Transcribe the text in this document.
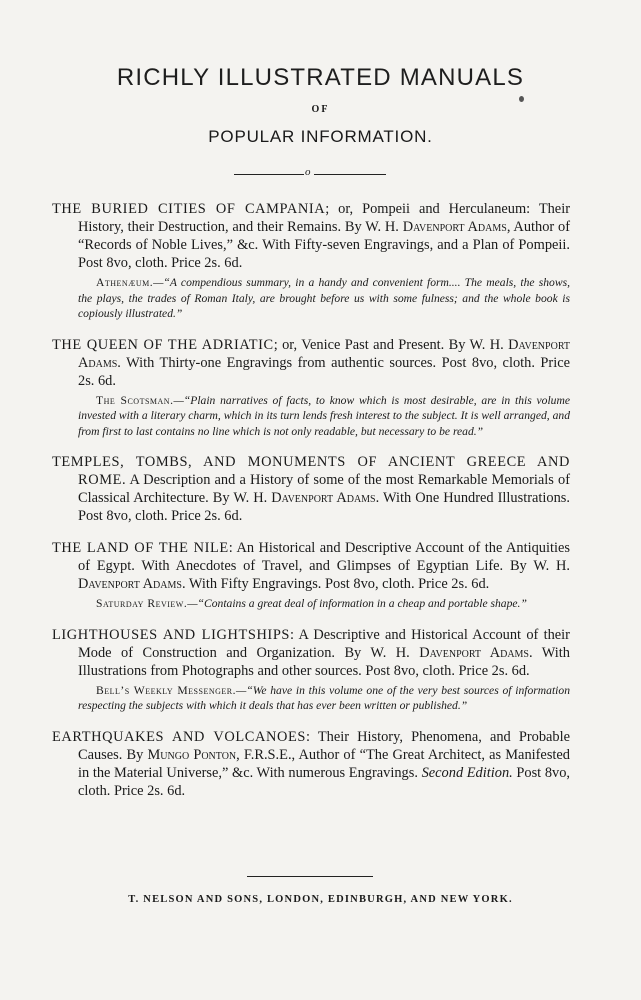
RICHLY ILLUSTRATED MANUALS
OF
POPULAR INFORMATION.
o
THE BURIED CITIES OF CAMPANIA; or, Pompeii and Herculaneum: Their History, their Destruction, and their Remains. By W. H. Davenport Adams, Author of “Records of Noble Lives,” &c. With Fifty-seven Engravings, and a Plan of Pompeii. Post 8vo, cloth. Price 2s. 6d.
Athenæum.—“A compendious summary, in a handy and convenient form.... The meals, the shows, the plays, the trades of Roman Italy, are brought before us with some fulness; and the whole book is copiously illustrated.”
THE QUEEN OF THE ADRIATIC; or, Venice Past and Present. By W. H. Davenport Adams. With Thirty-one Engravings from authentic sources. Post 8vo, cloth. Price 2s. 6d.
The Scotsman.—“Plain narratives of facts, to know which is most desirable, are in this volume invested with a literary charm, which in its turn lends fresh interest to the subject. It is well arranged, and from first to last contains no line which is not only readable, but necessary to be read.”
TEMPLES, TOMBS, AND MONUMENTS OF ANCIENT GREECE AND ROME. A Description and a History of some of the most Remarkable Memorials of Classical Architecture. By W. H. Davenport Adams. With One Hundred Illustrations. Post 8vo, cloth. Price 2s. 6d.
THE LAND OF THE NILE: An Historical and Descriptive Account of the Antiquities of Egypt. With Anecdotes of Travel, and Glimpses of Egyptian Life. By W. H. Davenport Adams. With Fifty Engravings. Post 8vo, cloth. Price 2s. 6d.
Saturday Review.—“Contains a great deal of information in a cheap and portable shape.”
LIGHTHOUSES AND LIGHTSHIPS: A Descriptive and Historical Account of their Mode of Construction and Organization. By W. H. Davenport Adams. With Illustrations from Photographs and other sources. Post 8vo, cloth. Price 2s. 6d.
Bell’s Weekly Messenger.—“We have in this volume one of the very best sources of information respecting the subjects with which it deals that has ever been written or published.”
EARTHQUAKES AND VOLCANOES: Their History, Phenomena, and Probable Causes. By Mungo Ponton, F.R.S.E., Author of “The Great Architect, as Manifested in the Material Universe,” &c. With numerous Engravings. Second Edition. Post 8vo, cloth. Price 2s. 6d.
T. NELSON AND SONS, LONDON, EDINBURGH, AND NEW YORK.
